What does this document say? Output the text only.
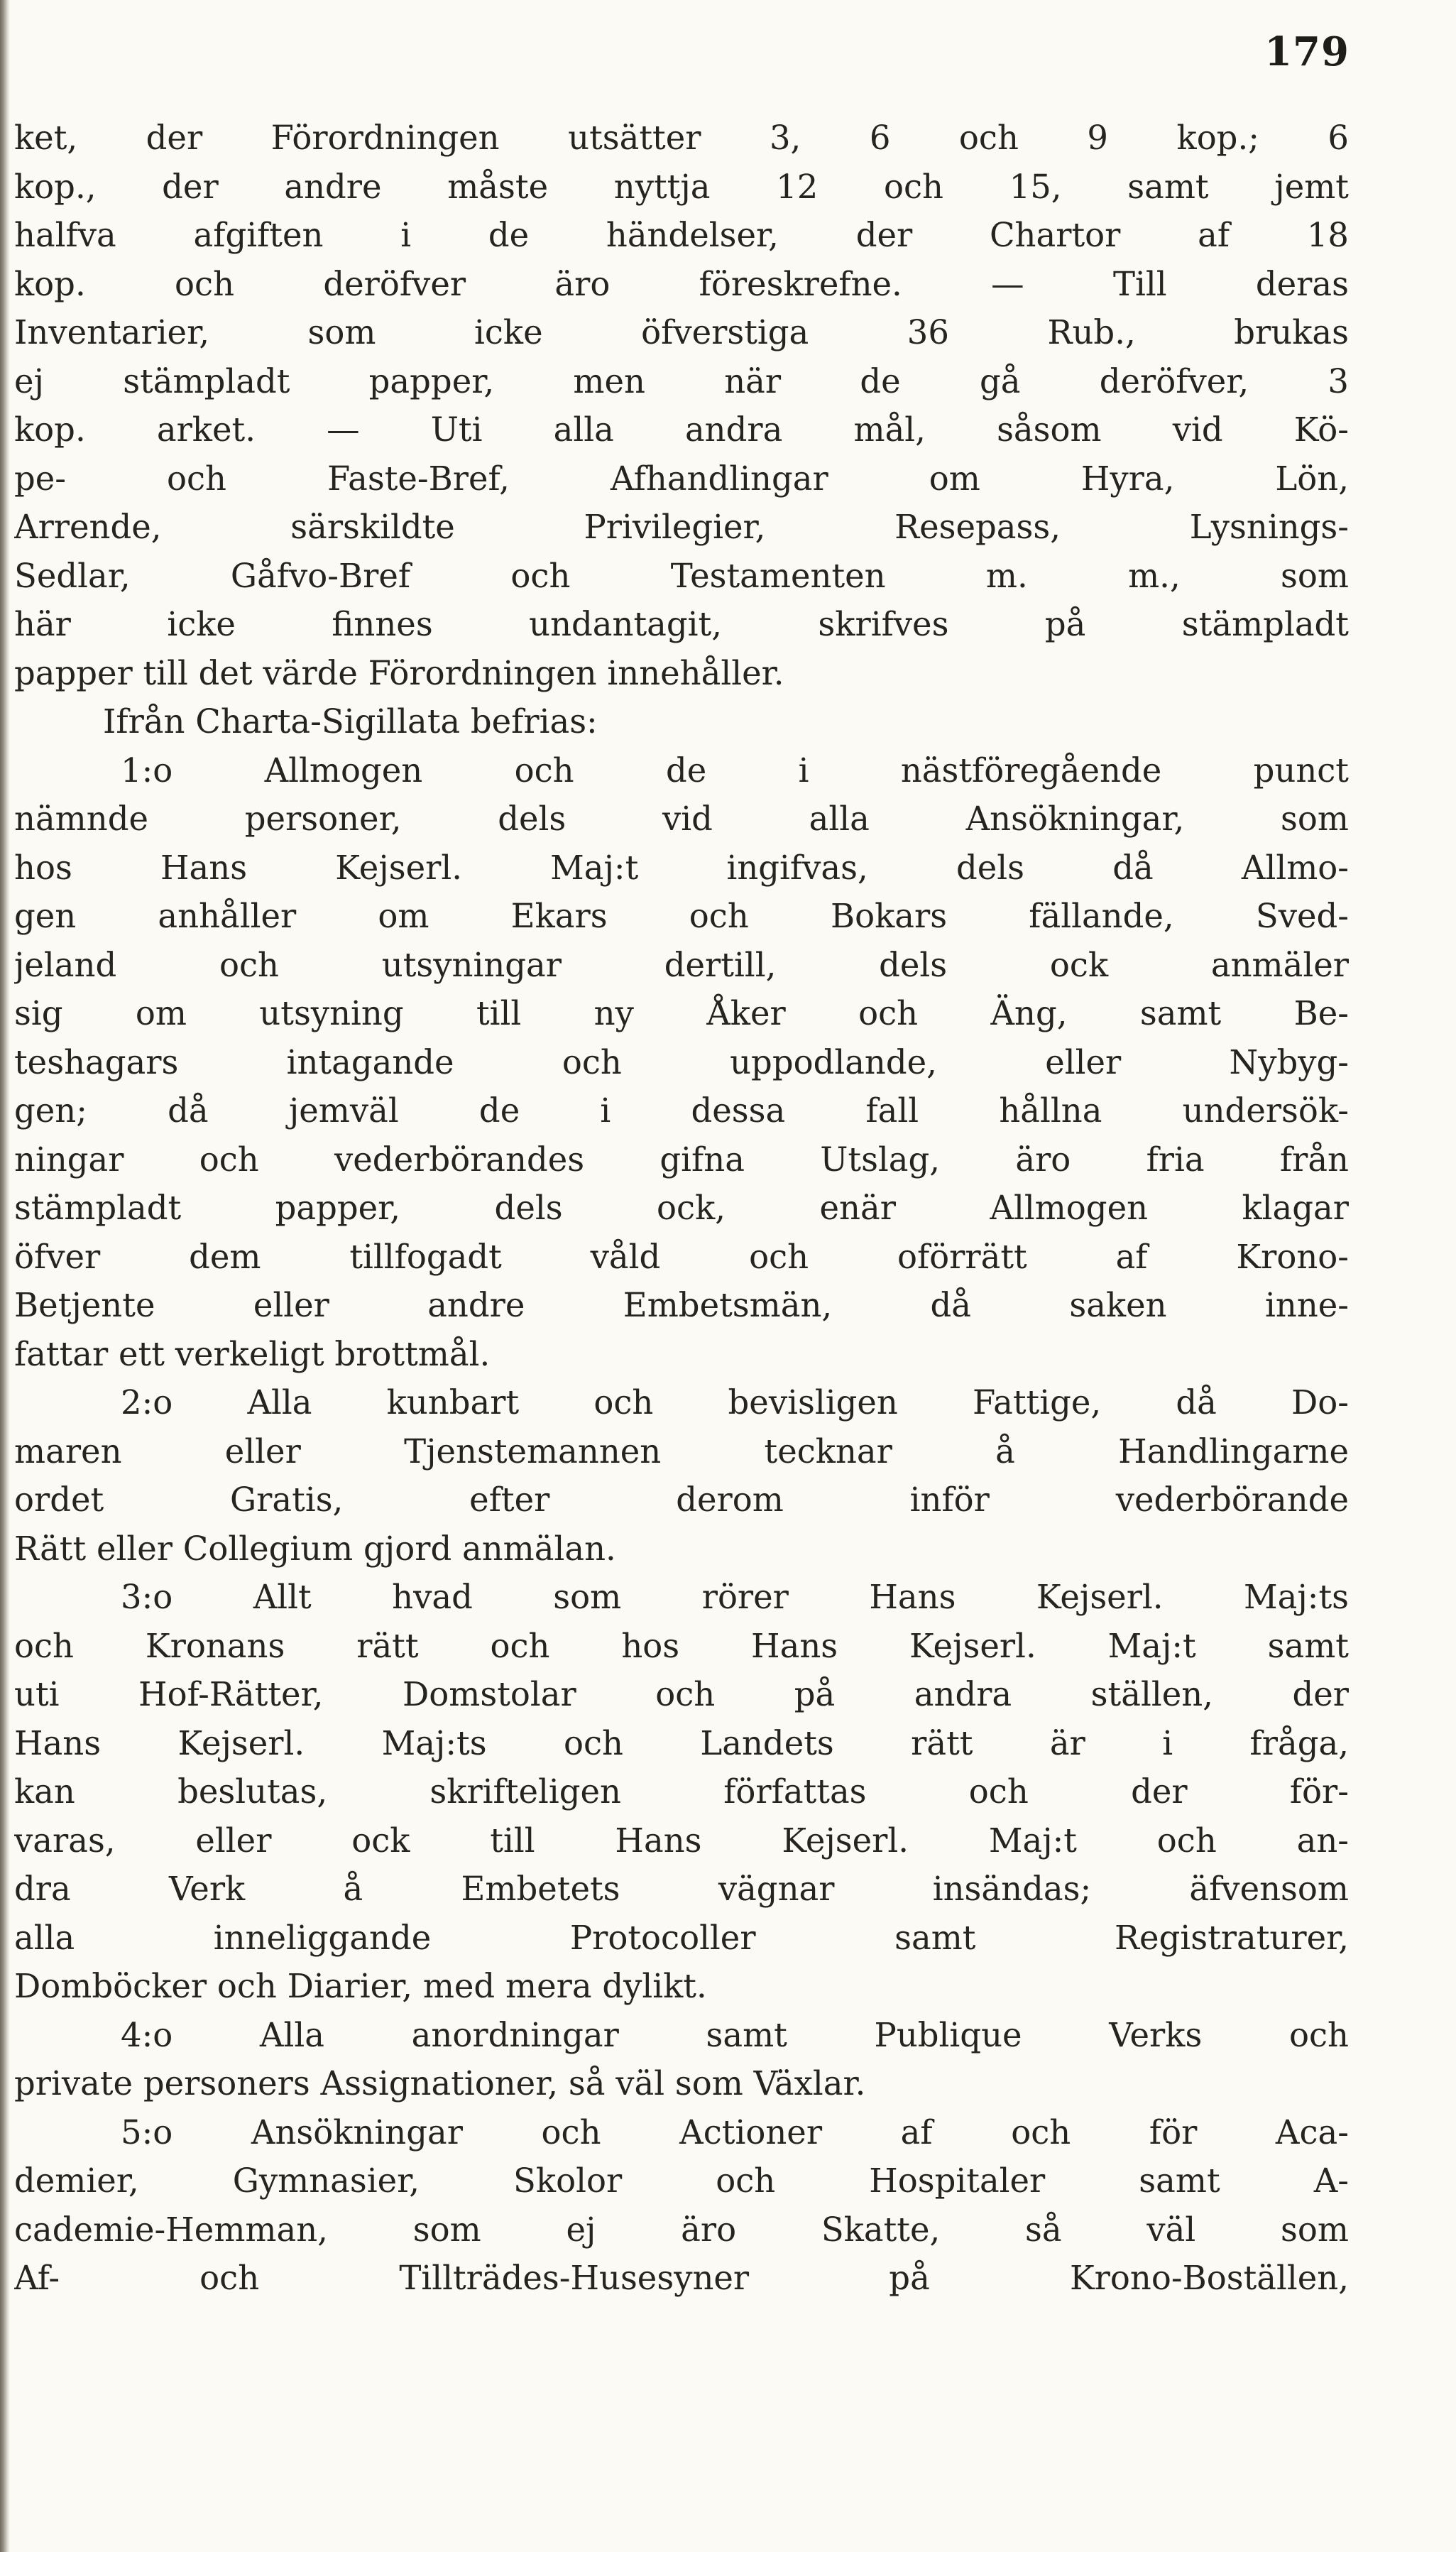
179
ket, der Förordningen utsätter 3, 6 och 9 kop.; 6
kop., der andre måste nyttja 12 och 15, samt jemt
halfva afgiften i de händelser, der Chartor af 18
kop. och deröfver äro föreskrefne. — Till deras
Inventarier, som icke öfverstiga 36 Rub., brukas
ej stämpladt papper, men när de gå deröfver, 3
kop. arket. — Uti alla andra mål, såsom vid Kö-
pe- och Faste-Bref, Afhandlingar om Hyra, Lön,
Arrende, särskildte Privilegier, Resepass, Lysnings-
Sedlar, Gåfvo-Bref och Testamenten m. m., som
här icke finnes undantagit, skrifves på stämpladt
papper till det värde Förordningen innehåller.
Ifrån Charta-Sigillata befrias:
1:o Allmogen och de i nästföregående punct
nämnde personer, dels vid alla Ansökningar, som
hos Hans Kejserl. Maj:t ingifvas, dels då Allmo-
gen anhåller om Ekars och Bokars fällande, Sved-
jeland och utsyningar dertill, dels ock anmäler
sig om utsyning till ny Åker och Äng, samt Be-
teshagars intagande och uppodlande, eller Nybyg-
gen; då jemväl de i dessa fall hållna undersök-
ningar och vederbörandes gifna Utslag, äro fria från
stämpladt papper, dels ock, enär Allmogen klagar
öfver dem tillfogadt våld och oförrätt af Krono-
Betjente eller andre Embetsmän, då saken inne-
fattar ett verkeligt brottmål.
2:o Alla kunbart och bevisligen Fattige, då Do-
maren eller Tjenstemannen tecknar å Handlingarne
ordet Gratis, efter derom inför vederbörande
Rätt eller Collegium gjord anmälan.
3:o Allt hvad som rörer Hans Kejserl. Maj:ts
och Kronans rätt och hos Hans Kejserl. Maj:t samt
uti Hof-Rätter, Domstolar och på andra ställen, der
Hans Kejserl. Maj:ts och Landets rätt är i fråga,
kan beslutas, skrifteligen författas och der för-
varas, eller ock till Hans Kejserl. Maj:t och an-
dra Verk å Embetets vägnar insändas; äfvensom
alla inneliggande Protocoller samt Registraturer,
Domböcker och Diarier, med mera dylikt.
4:o Alla anordningar samt Publique Verks och
private personers Assignationer, så väl som Växlar.
5:o Ansökningar och Actioner af och för Aca-
demier, Gymnasier, Skolor och Hospitaler samt A-
cademie-Hemman, som ej äro Skatte, så väl som
Af- och Tillträdes-Husesyner på Krono-Boställen,
